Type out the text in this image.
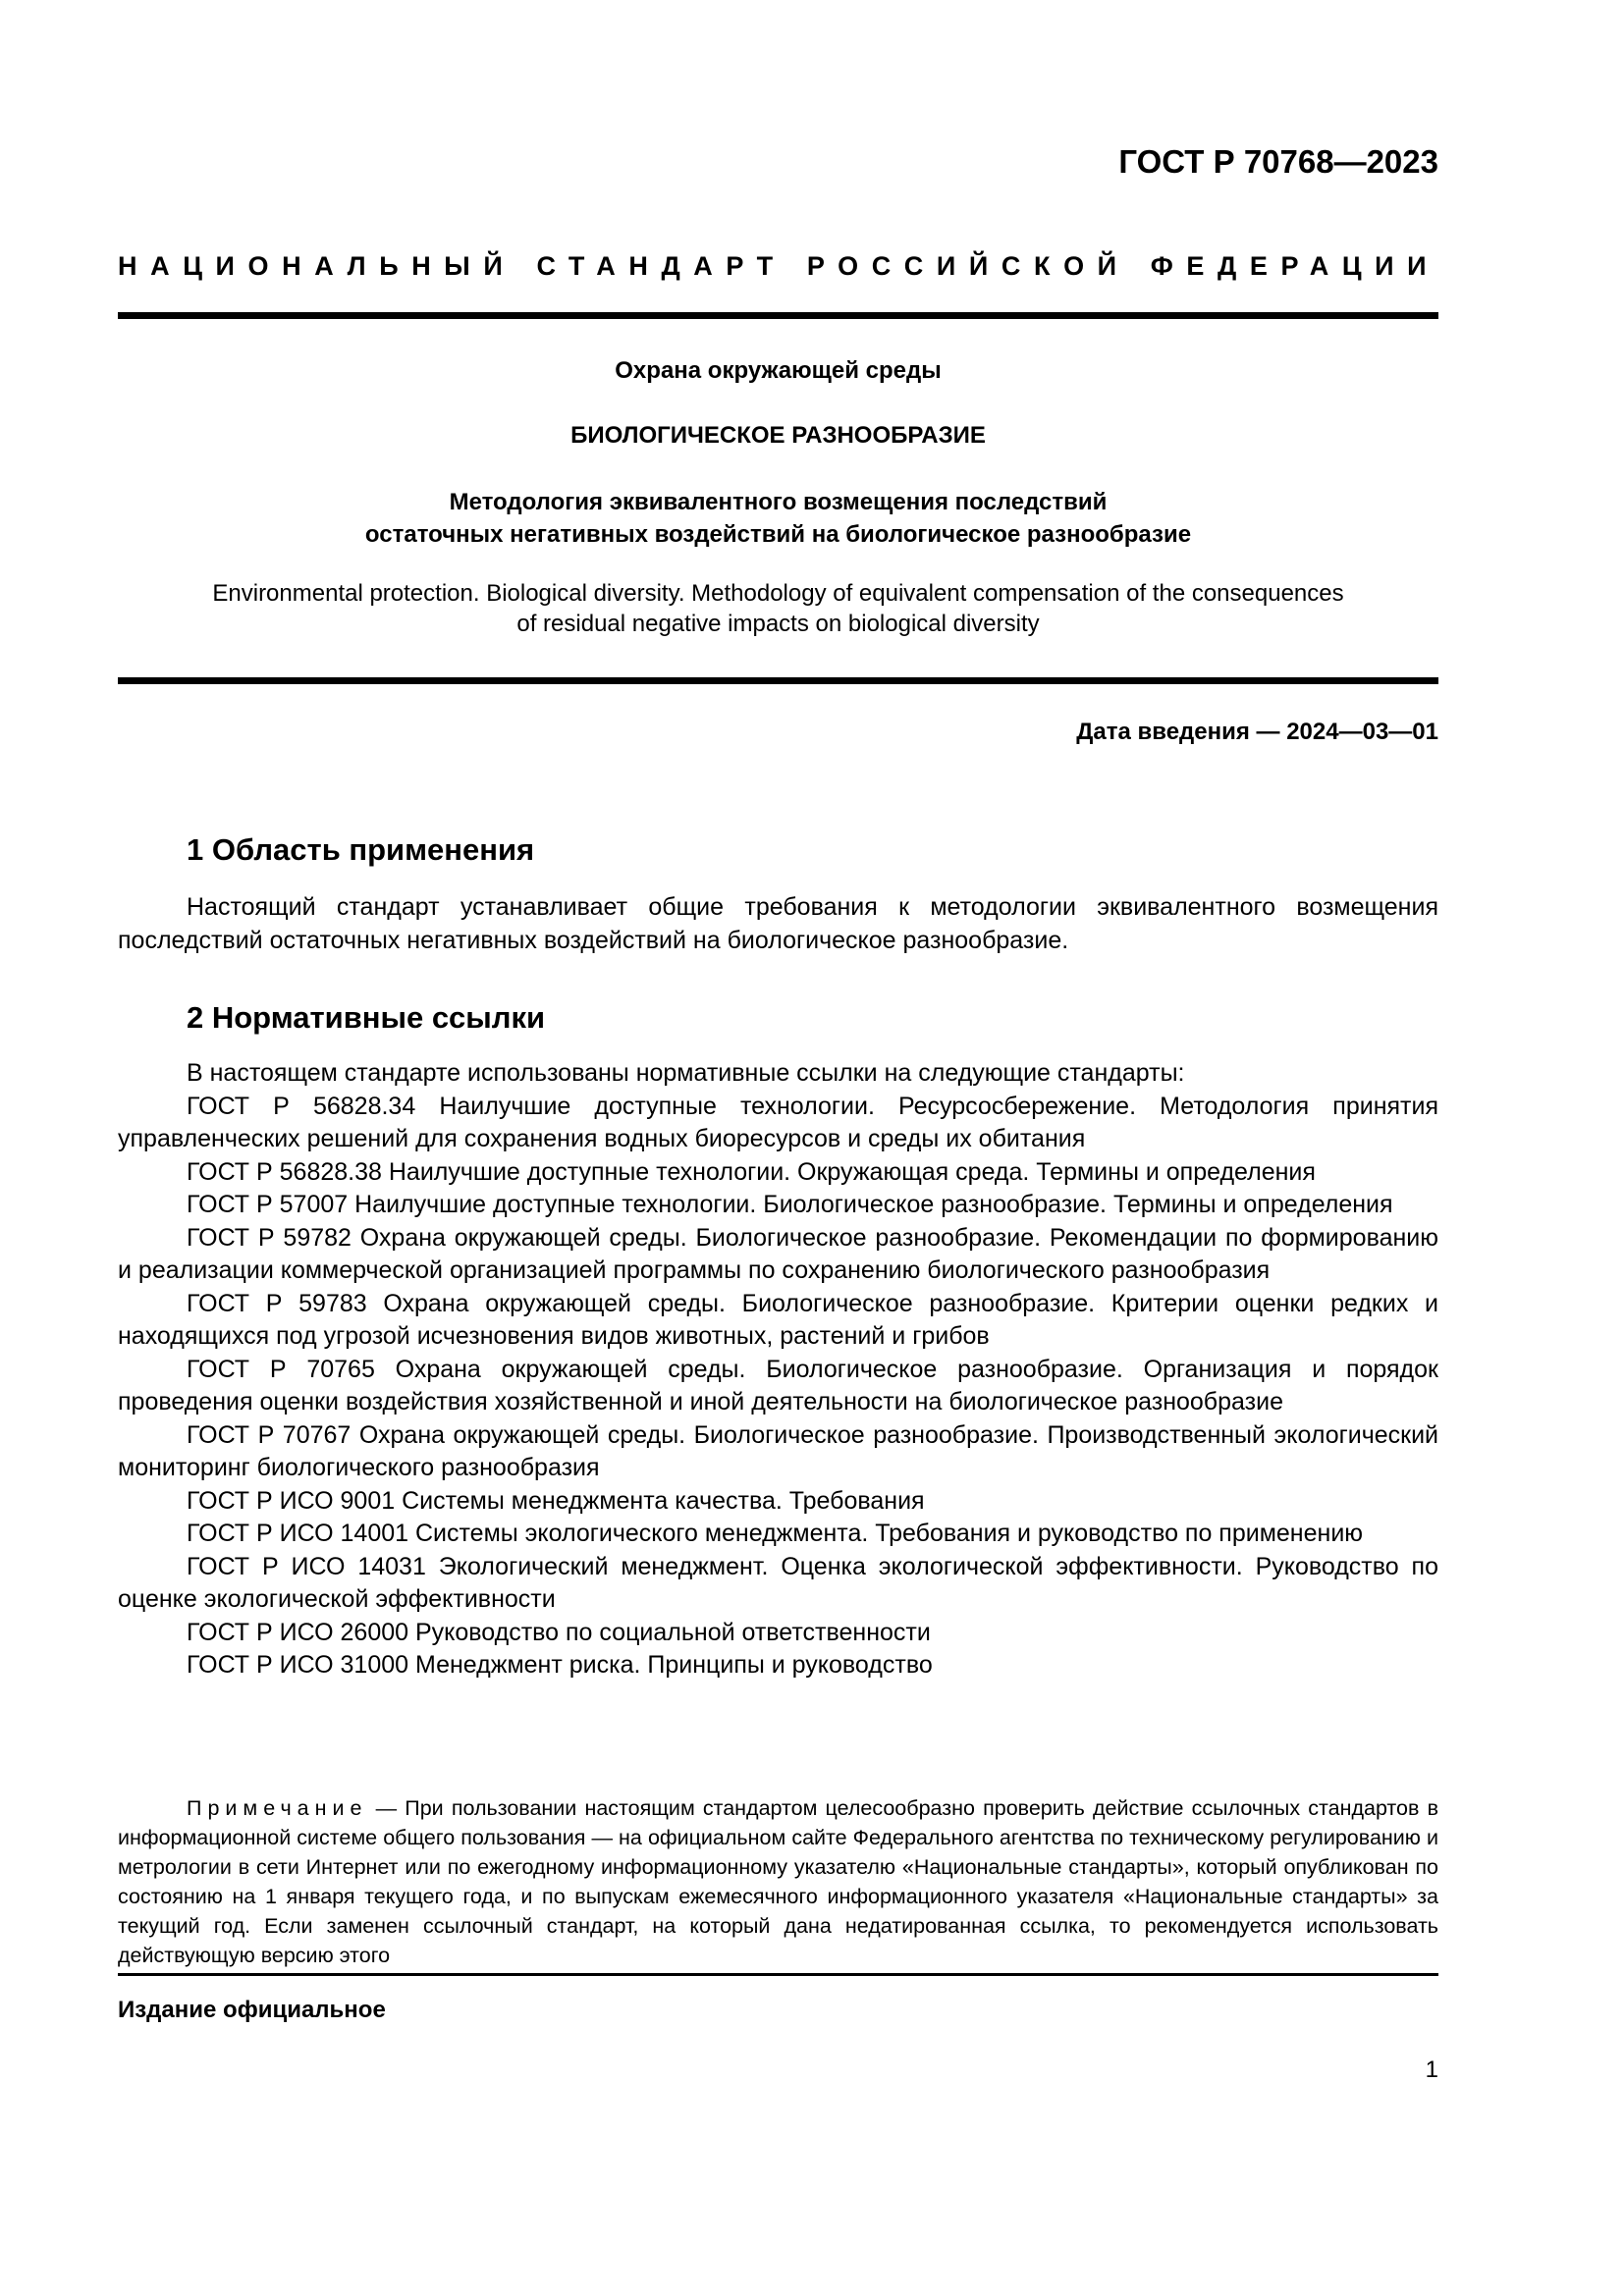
ГОСТ Р 70768—2023
НАЦИОНАЛЬНЫЙ СТАНДАРТ РОССИЙСКОЙ ФЕДЕРАЦИИ
Охрана окружающей среды
БИОЛОГИЧЕСКОЕ РАЗНООБРАЗИЕ
Методология эквивалентного возмещения последствий
остаточных негативных воздействий на биологическое разнообразие
Environmental protection. Biological diversity. Methodology of equivalent compensation of the consequences
of residual negative impacts on biological diversity
Дата введения — 2024—03—01
1 Область применения

Настоящий стандарт устанавливает общие требования к методологии эквивалентного возмещения последствий остаточных негативных воздействий на биологическое разнообразие.

2 Нормативные ссылки

В настоящем стандарте использованы нормативные ссылки на следующие стандарты:

ГОСТ Р 56828.34 Наилучшие доступные технологии. Ресурсосбережение. Методология принятия управленческих решений для сохранения водных биоресурсов и среды их обитания

ГОСТ Р 56828.38 Наилучшие доступные технологии. Окружающая среда. Термины и определения

ГОСТ Р 57007 Наилучшие доступные технологии. Биологическое разнообразие. Термины и определения

ГОСТ Р 59782 Охрана окружающей среды. Биологическое разнообразие. Рекомендации по формированию и реализации коммерческой организацией программы по сохранению биологического разнообразия

ГОСТ Р 59783 Охрана окружающей среды. Биологическое разнообразие. Критерии оценки редких и находящихся под угрозой исчезновения видов животных, растений и грибов

ГОСТ Р 70765 Охрана окружающей среды. Биологическое разнообразие. Организация и порядок проведения оценки воздействия хозяйственной и иной деятельности на биологическое разнообразие

ГОСТ Р 70767 Охрана окружающей среды. Биологическое разнообразие. Производственный экологический мониторинг биологического разнообразия

ГОСТ Р ИСО 9001 Системы менеджмента качества. Требования

ГОСТ Р ИСО 14001 Системы экологического менеджмента. Требования и руководство по применению

ГОСТ Р ИСО 14031 Экологический менеджмент. Оценка экологической эффективности. Руководство по оценке экологической эффективности

ГОСТ Р ИСО 26000 Руководство по социальной ответственности

ГОСТ Р ИСО 31000 Менеджмент риска. Принципы и руководство

Примечание — При пользовании настоящим стандартом целесообразно проверить действие ссылочных стандартов в информационной системе общего пользования — на официальном сайте Федерального агентства по техническому регулированию и метрологии в сети Интернет или по ежегодному информационному указателю «Национальные стандарты», который опубликован по состоянию на 1 января текущего года, и по выпускам ежемесячного информационного указателя «Национальные стандарты» за текущий год. Если заменен ссылочный стандарт, на который дана недатированная ссылка, то рекомендуется использовать действующую версию этого

Издание официальное
1
